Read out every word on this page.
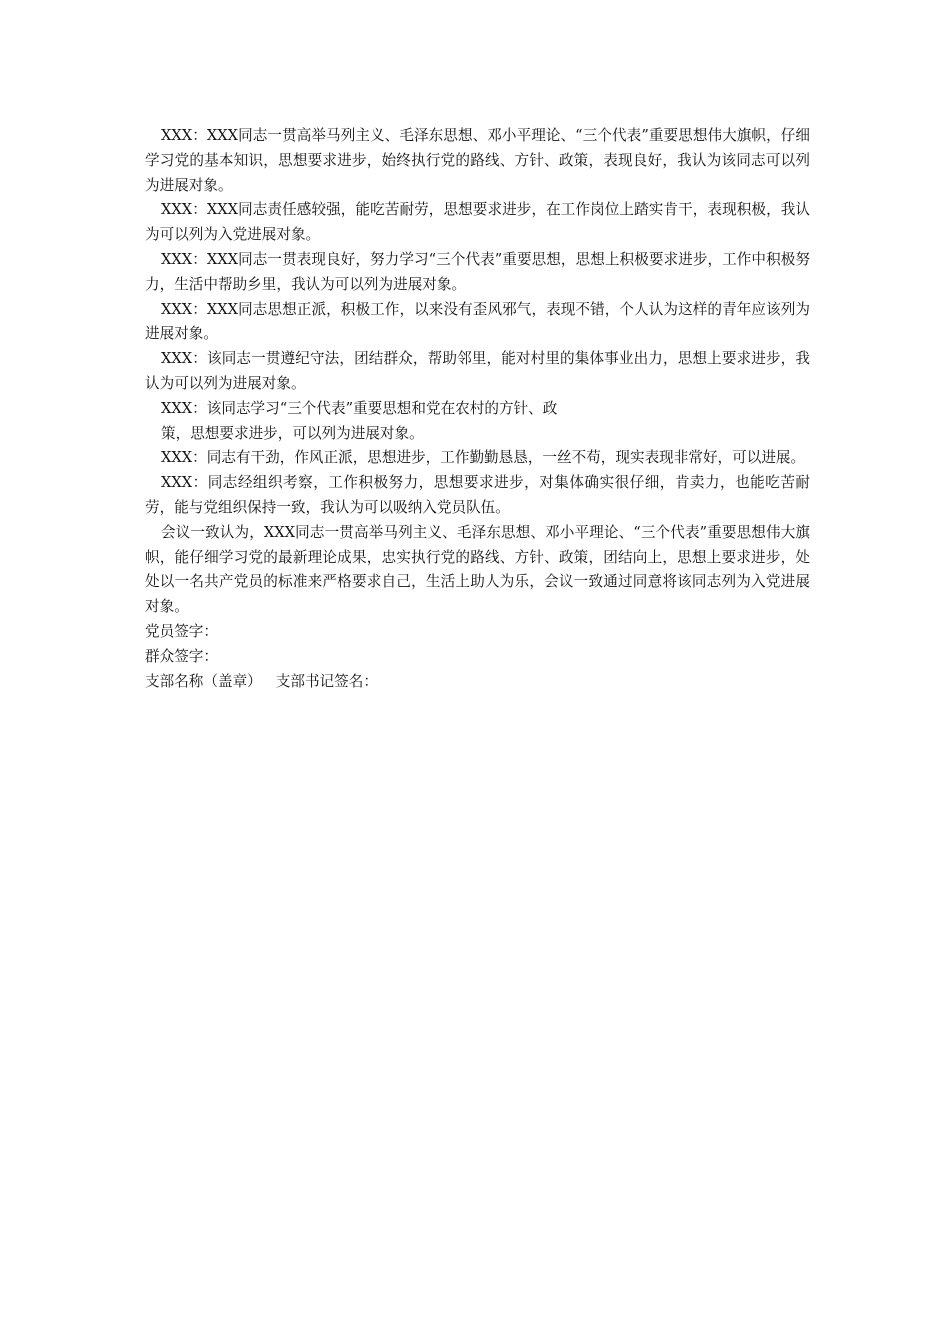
XXX：XXX同志一贯高举马列主义、毛泽东思想、邓小平理论、“三个代表”重要思想伟大旗帜，仔细学习党的基本知识，思想要求进步，始终执行党的路线、方针、政策，表现良好，我认为该同志可以列为进展对象。

XXX：XXX同志责任感较强，能吃苦耐劳，思想要求进步，在工作岗位上踏实肯干，表现积极，我认为可以列为入党进展对象。

XXX：XXX同志一贯表现良好，努力学习“三个代表”重要思想，思想上积极要求进步，工作中积极努力，生活中帮助乡里，我认为可以列为进展对象。

XXX：XXX同志思想正派，积极工作，以来没有歪风邪气，表现不错，个人认为这样的青年应该列为进展对象。

XXX：该同志一贯遵纪守法，团结群众，帮助邻里，能对村里的集体事业出力，思想上要求进步，我认为可以列为进展对象。

XXX：该同志学习“三个代表”重要思想和党在农村的方针、政

策，思想要求进步，可以列为进展对象。

XXX：同志有干劲，作风正派，思想进步，工作勤勤恳恳，一丝不苟，现实表现非常好，可以进展。

XXX：同志经组织考察，工作积极努力，思想要求进步，对集体确实很仔细，肯卖力，也能吃苦耐劳，能与党组织保持一致，我认为可以吸纳入党员队伍。

会议一致认为，XXX同志一贯高举马列主义、毛泽东思想、邓小平理论、“三个代表”重要思想伟大旗帜，能仔细学习党的最新理论成果，忠实执行党的路线、方针、政策，团结向上，思想上要求进步，处处以一名共产党员的标准来严格要求自己，生活上助人为乐，会议一致通过同意将该同志列为入党进展对象。

党员签字：

群众签字：

支部名称（盖章） 支部书记签名：
